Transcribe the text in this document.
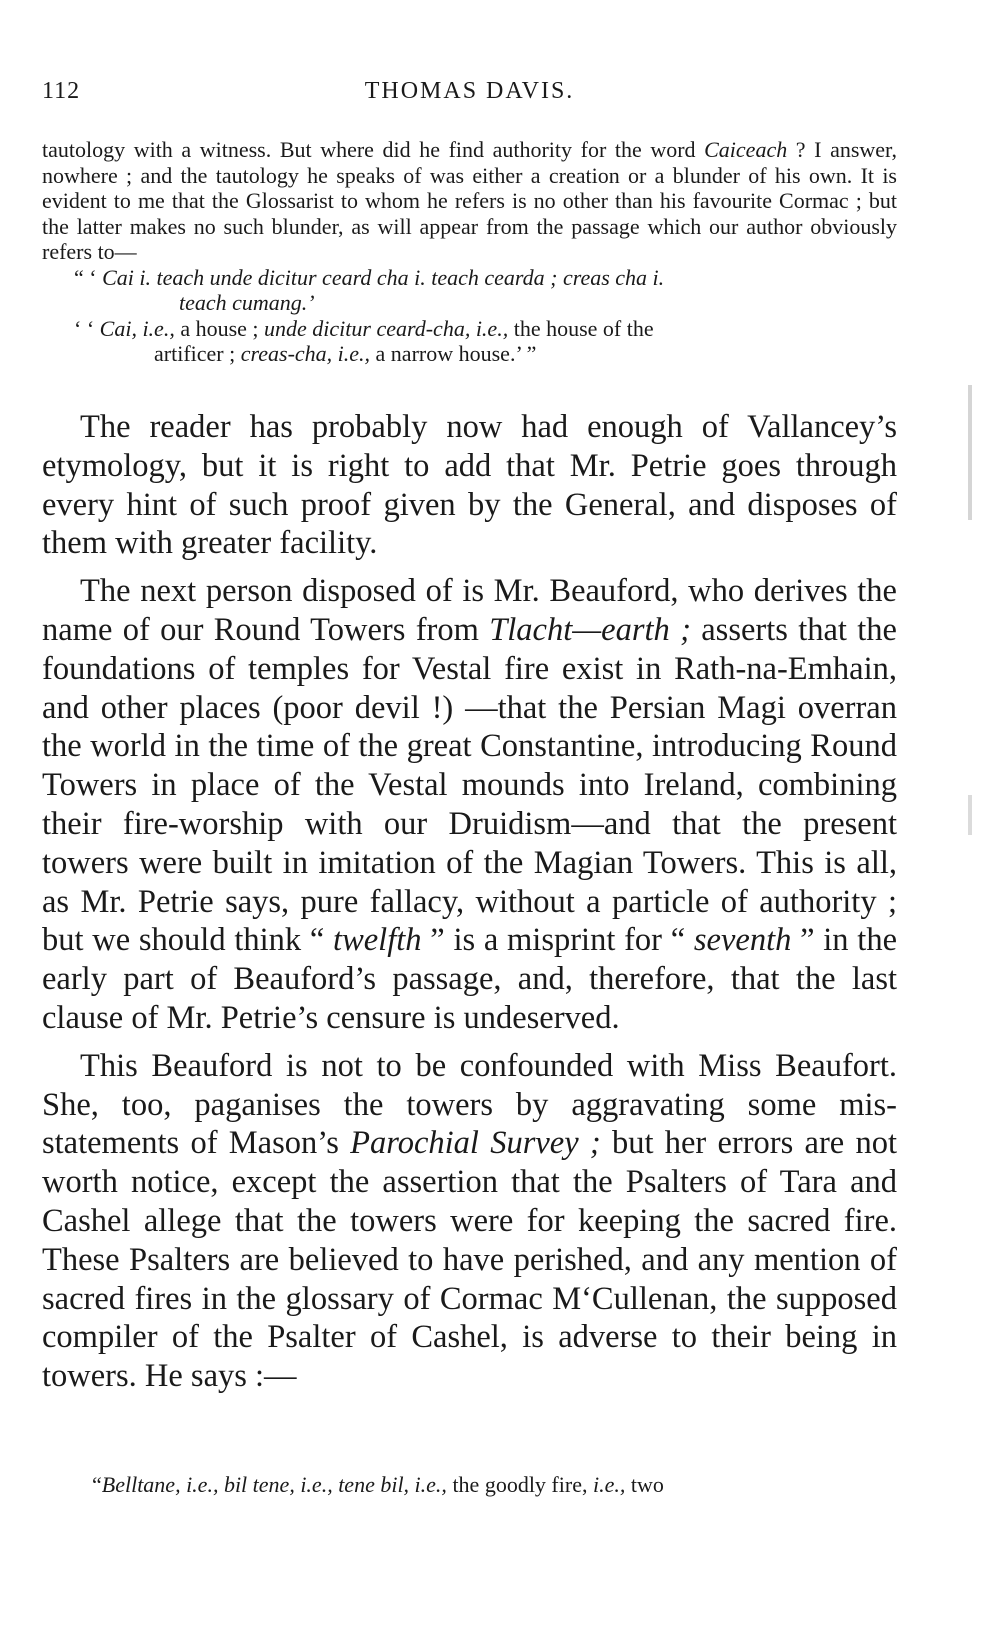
112	THOMAS DAVIS.

tautology with a witness. But where did he find authority for the word Caiceach ? I answer, nowhere ; and the tautology he speaks of was either a creation or a blunder of his own. It is evident to me that the Glossarist to whom he refers is no other than his favourite Cormac ; but the latter makes no such blunder, as will appear from the passage which our author obviously refers to—

“ ‘ Cai i. teach unde dicitur ceard cha i. teach cearda ; creas cha i.
teach cumang.’

‘ ‘ Cai, i.e., a house ; unde dicitur ceard-cha, i.e., the house of the
artificer ; creas-cha, i.e., a narrow house.’ ”

The reader has probably now had enough of Vallancey’s etymology, but it is right to add that Mr. Petrie goes through every hint of such proof given by the General, and disposes of them with greater facility.

The next person disposed of is Mr. Beauford, who derives the name of our Round Towers from Tlacht—earth ; asserts that the foundations of temples for Vestal fire exist in Rath-na-Emhain, and other places (poor devil !) —that the Persian Magi overran the world in the time of the great Constantine, introducing Round Towers in place of the Vestal mounds into Ireland, combining their fire-worship with our Druidism—and that the present towers were built in imitation of the Magian Towers. This is all, as Mr. Petrie says, pure fallacy, without a particle of authority ; but we should think “ twelfth ” is a misprint for “ seventh ” in the early part of Beauford’s passage, and, therefore, that the last clause of Mr. Petrie’s censure is undeserved.

This Beauford is not to be confounded with Miss Beaufort. She, too, paganises the towers by aggravating some mis-statements of Mason’s Parochial Survey ; but her errors are not worth notice, except the assertion that the Psalters of Tara and Cashel allege that the towers were for keeping the sacred fire. These Psalters are believed to have perished, and any mention of sacred fires in the glossary of Cormac M‘Cullenan, the supposed compiler of the Psalter of Cashel, is adverse to their being in towers. He says :—

“Belltane, i.e., bil tene, i.e., tene bil, i.e., the goodly fire, i.e., two
